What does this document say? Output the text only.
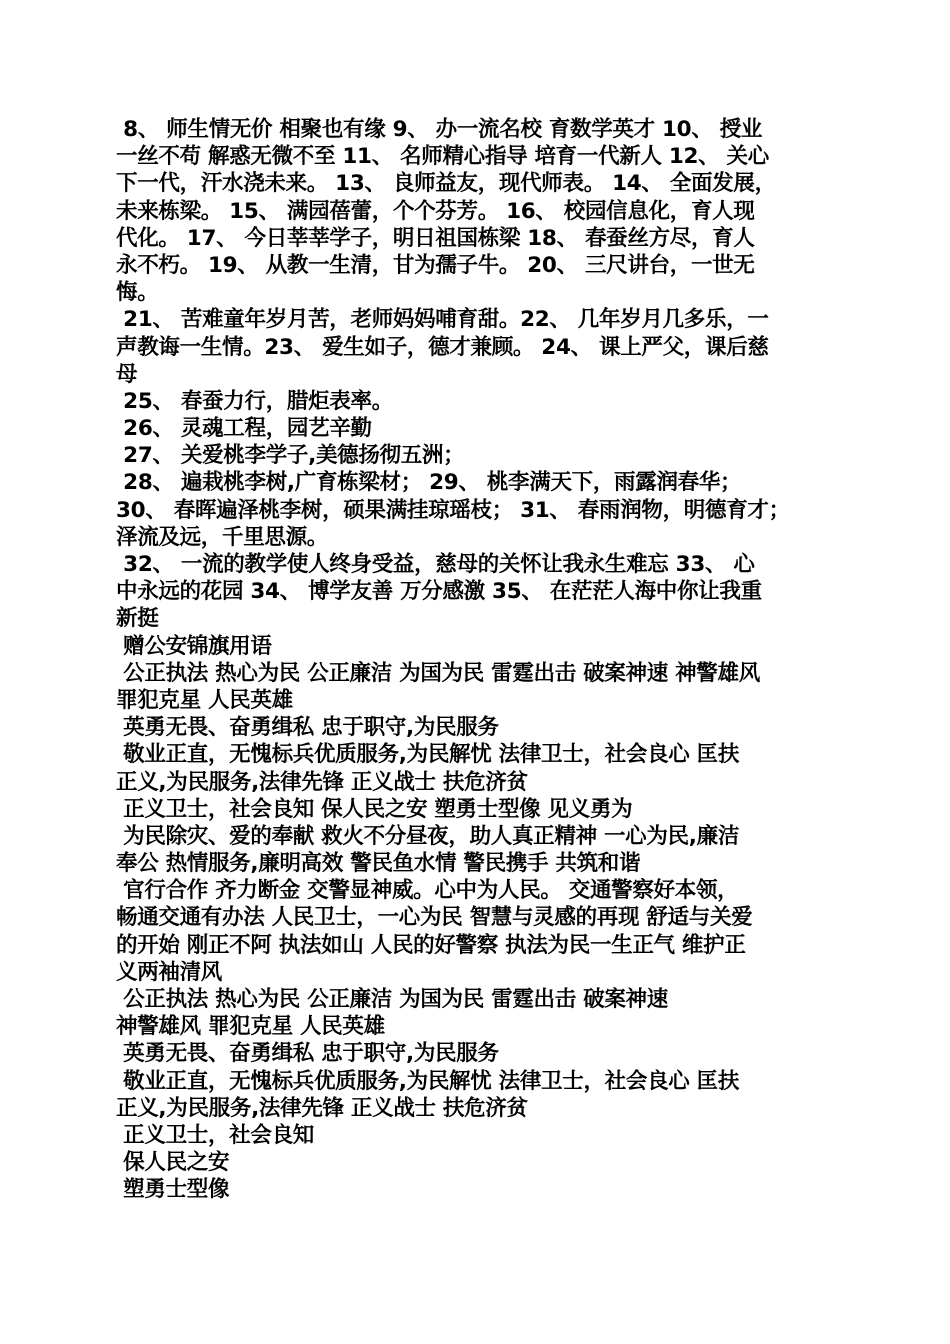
8、 师生情无价 相聚也有缘 9、 办一流名校 育数学英才 10、 授业
一丝不苟 解惑无微不至 11、 名师精心指导 培育一代新人 12、 关心
下一代，汗水浇未来。 13、 良师益友，现代师表。 14、 全面发展，
未来栋梁。 15、 满园蓓蕾，个个芬芳。 16、 校园信息化，育人现
代化。 17、 今日莘莘学子，明日祖国栋梁 18、 春蚕丝方尽，育人
永不朽。 19、 从教一生清，甘为孺子牛。 20、 三尺讲台，一世无
悔。
21、 苦难童年岁月苦，老师妈妈哺育甜。22、 几年岁月几多乐，一
声教诲一生情。23、 爱生如子，德才兼顾。 24、 课上严父，课后慈
母
25、 春蚕力行，腊炬表率。
26、 灵魂工程，园艺辛勤
27、 关爱桃李学子,美德扬彻五洲；
28、 遍栽桃李树,广育栋梁材； 29、 桃李满天下，雨露润春华；
30、 春晖遍泽桃李树，硕果满挂琼瑶枝； 31、 春雨润物，明德育才；
泽流及远，千里思源。
32、 一流的教学使人终身受益，慈母的关怀让我永生难忘 33、 心
中永远的花园 34、 博学友善 万分感激 35、 在茫茫人海中你让我重
新挺
赠公安锦旗用语
公正执法 热心为民 公正廉洁 为国为民 雷霆出击 破案神速 神警雄风
罪犯克星 人民英雄
英勇无畏、奋勇缉私 忠于职守,为民服务
敬业正直，无愧标兵优质服务,为民解忧 法律卫士，社会良心 匡扶
正义,为民服务,法律先锋 正义战士 扶危济贫
正义卫士，社会良知 保人民之安 塑勇士型像 见义勇为
为民除灾、爱的奉献 救火不分昼夜，助人真正精神 一心为民,廉洁
奉公 热情服务,廉明高效 警民鱼水情 警民携手 共筑和谐
官行合作 齐力断金 交警显神威。心中为人民。 交通警察好本领，
畅通交通有办法 人民卫士，一心为民 智慧与灵感的再现 舒适与关爱
的开始 刚正不阿 执法如山 人民的好警察 执法为民一生正气 维护正
义两袖清风
公正执法 热心为民 公正廉洁 为国为民 雷霆出击 破案神速
神警雄风 罪犯克星 人民英雄
英勇无畏、奋勇缉私 忠于职守,为民服务
敬业正直，无愧标兵优质服务,为民解忧 法律卫士，社会良心 匡扶
正义,为民服务,法律先锋 正义战士 扶危济贫
正义卫士，社会良知
保人民之安
塑勇士型像
